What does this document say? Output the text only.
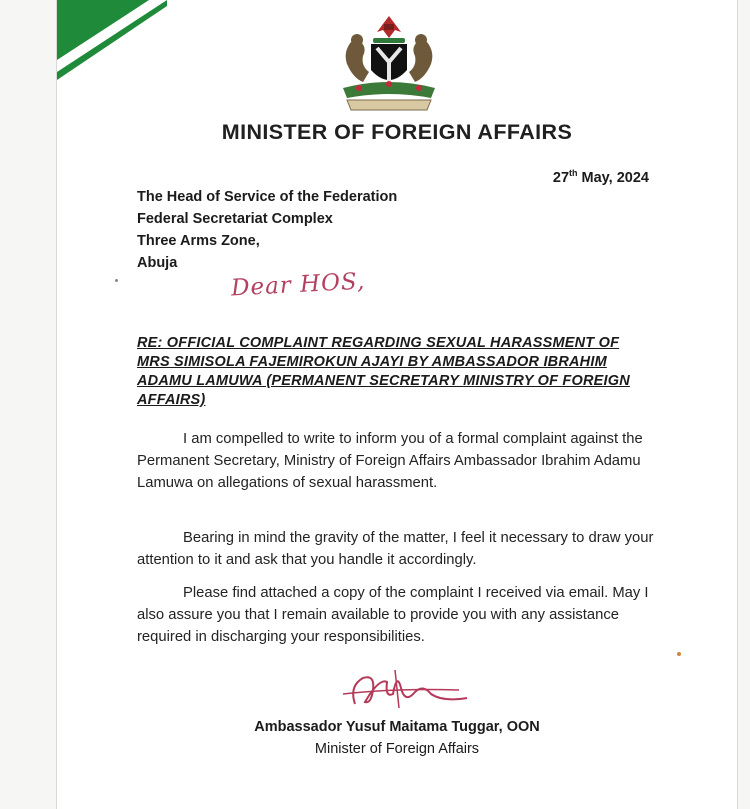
MINISTER OF FOREIGN AFFAIRS
27th May, 2024
The Head of Service of the Federation
Federal Secretariat Complex
Three Arms Zone,
Abuja
Dear HOS,
RE: OFFICIAL COMPLAINT REGARDING SEXUAL HARASSMENT OF MRS SIMISOLA FAJEMIROKUN AJAYI BY AMBASSADOR IBRAHIM ADAMU LAMUWA (PERMANENT SECRETARY MINISTRY OF FOREIGN AFFAIRS)

I am compelled to write to inform you of a formal complaint against the Permanent Secretary, Ministry of Foreign Affairs Ambassador Ibrahim Adamu Lamuwa on allegations of sexual harassment.

Bearing in mind the gravity of the matter, I feel it necessary to draw your attention to it and ask that you handle it accordingly.

Please find attached a copy of the complaint I received via email. May I also assure you that I remain available to provide you with any assistance required in discharging your responsibilities.

Ambassador Yusuf Maitama Tuggar, OON
Minister of Foreign Affairs
